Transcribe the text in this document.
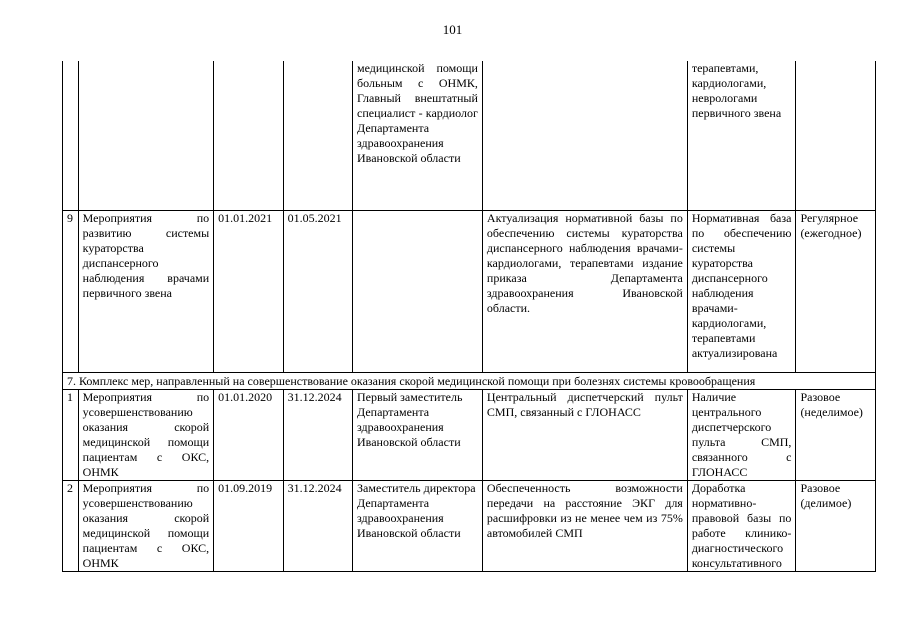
101
				медицинской помощи больным с ОНМК, Главный внештатный специалист - кардиолог Департамента здравоохранения Ивановской области		терапевтами, кардиологами, неврологами первичного звена	
9	Мероприятия по развитию системы кураторства диспансерного наблюдения врачами первичного звена	01.01.2021	01.05.2021		Актуализация нормативной базы по обеспечению системы кураторства диспансерного наблюдения врачами-кардиологами, терапевтами издание приказа Департамента здравоохранения Ивановской области.	Нормативная база по обеспечению системы кураторства диспансерного наблюдения врачами-кардиологами, терапевтами актуализирована	Регулярное (ежегодное)
7. Комплекс мер, направленный на совершенствование оказания скорой медицинской помощи при болезнях системы кровообращения							
1	Мероприятия по усовершенствованию оказания скорой медицинской помощи пациентам с ОКС, ОНМК	01.01.2020	31.12.2024	Первый заместитель Департамента здравоохранения Ивановской области	Центральный диспетчерский пульт СМП, связанный с ГЛОНАСС	Наличие центрального диспетчерского пульта СМП, связанного с ГЛОНАСС	Разовое (неделимое)
2	Мероприятия по усовершенствованию оказания скорой медицинской помощи пациентам с ОКС, ОНМК	01.09.2019	31.12.2024	Заместитель директора Департамента здравоохранения Ивановской области	Обеспеченность возможности передачи на расстояние ЭКГ для расшифровки из не менее чем из 75% автомобилей СМП	Доработка нормативно-правовой базы по работе клинико-диагностического консультативного	Разовое (делимое)
